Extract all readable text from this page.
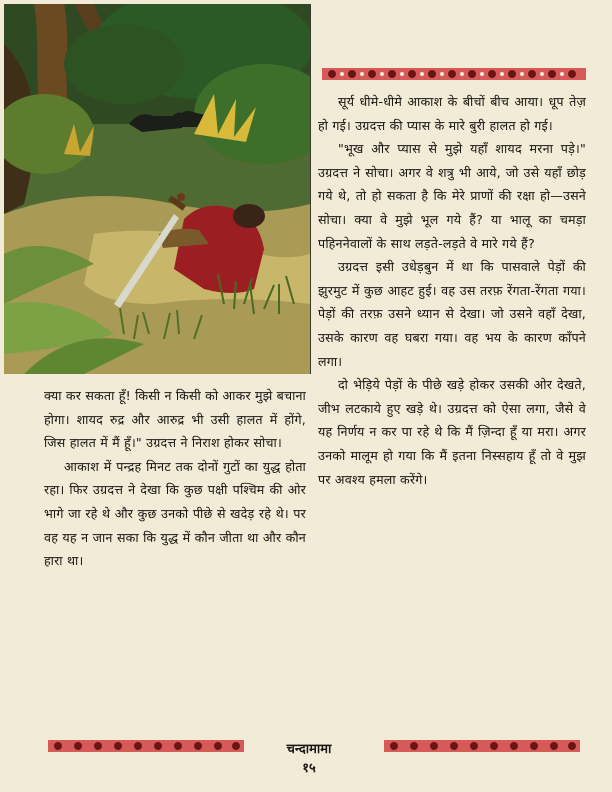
सूर्य धीमे-धीमे आकाश के बीचों बीच आया। धूप तेज़ हो गई। उग्रदत्त की प्यास के मारे बुरी हालत हो गई।

"भूख और प्यास से मुझे यहाँ शायद मरना पड़े।" उग्रदत्त ने सोचा। अगर वे शत्रु भी आये, जो उसे यहाँ छोड़ गये थे, तो हो सकता है कि मेरे प्राणों की रक्षा हो—उसने सोचा। क्या वे मुझे भूल गये हैं? या भालू का चमड़ा पहिननेवालों के साथ लड़ते-लड़ते वे मारे गये हैं?

उग्रदत्त इसी उधेड़बुन में था कि पासवाले पेड़ों की झुरमुट में कुछ आहट हुई। वह उस तरफ़ रेंगता-रेंगता गया। पेड़ों की तरफ़ उसने ध्यान से देखा। जो उसने वहाँ देखा, उसके कारण वह घबरा गया। वह भय के कारण काँपने लगा।

दो भेड़िये पेड़ों के पीछे खड़े होकर उसकी ओर देखते, जीभ लटकाये हुए खड़े थे। उग्रदत्त को ऐसा लगा, जैसे वे यह निर्णय न कर पा रहे थे कि मैं ज़िन्दा हूँ या मरा। अगर उनको मालूम हो गया कि मैं इतना निस्सहाय हूँ तो वे मुझ पर अवश्य हमला करेंगे।

क्या कर सकता हूँ! किसी न किसी को आकर मुझे बचाना होगा। शायद रुद्र और आरुद्र भी उसी हालत में होंगे, जिस हालत में मैं हूँ।" उग्रदत्त ने निराश होकर सोचा।

आकाश में पन्द्रह मिनट तक दोनों गुटों का युद्ध होता रहा। फिर उग्रदत्त ने देखा कि कुछ पक्षी पश्चिम की ओर भागे जा रहे थे और कुछ उनको पीछे से खदेड़ रहे थे। पर वह यह न जान सका कि युद्ध में कौन जीता था और कौन हारा था।

चन्दामामा
१५
